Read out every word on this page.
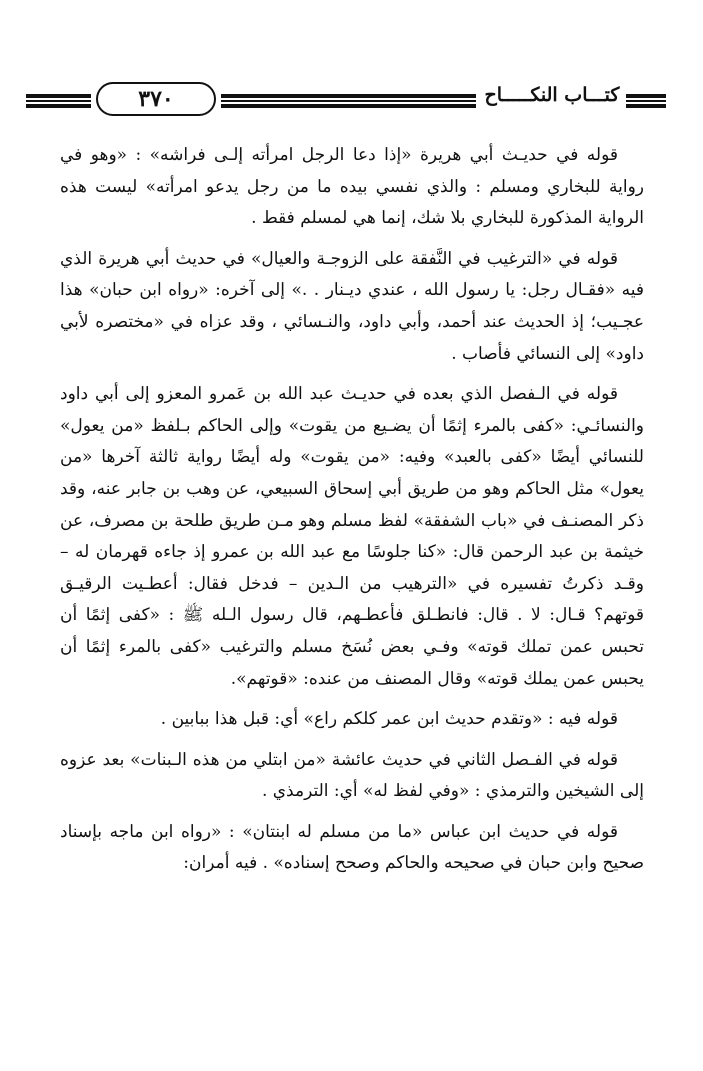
٣٧٠	كتـــاب النكـــــاح

قوله في حديـث أبي هريرة «إذا دعا الرجل امرأته إلـى فراشه» : «وهو في رواية للبخاري ومسلم : والذي نفسي بيده ما من رجل يدعو امرأته» ليست هذه الرواية المذكورة للبخاري بلا شك، إنما هي لمسلم فقط .

قوله في «الترغيب في النَّفقة على الزوجـة والعيال» في حديث أبي هريرة الذي فيه «فقـال رجل: يا رسول الله ، عندي ديـنار . .» إلى آخره: «رواه ابن حبان» هذا عجـيب؛ إذ الحديث عند أحمد، وأبي داود، والنـسائي ، وقد عزاه في «مختصره لأبي داود» إلى النسائي فأصاب .

قوله في الـفصل الذي بعده في حديـث عبد الله بن عَمرو المعزو إلى أبي داود والنسائـي: «كفى بالمرء إثمًا أن يضـيع من يقوت» وإلى الحاكم بـلفظ «من يعول» للنسائي أيضًا «كفى بالعبد» وفيه: «من يقوت» وله أيضًا رواية ثالثة آخرها «من يعول» مثل الحاكم وهو من طريق أبي إسحاق السبيعي، عن وهب بن جابر عنه، وقد ذكر المصنـف في «باب الشفقة» لفظ مسلم وهو مـن طريق طلحة بن مصرف، عن خيثمة بن عبد الرحمن قال: «كنا جلوسًا مع عبد الله بن عمرو إذ جاءه قهرمان له – وقـد ذكرتُ تفسيره في «الترهيب من الـدين – فدخل فقال: أعطـيت الرقيـق قوتهم؟ قـال: لا . قال: فانطـلق فأعطـهم، قال رسول الـله ﷺ : «كفى إثمًا أن تحبس عمن تملك قوته» وفـي بعض نُسَخ مسلم والترغيب «كفى بالمرء إثمًا أن يحبس عمن يملك قوته» وقال المصنف من عنده: «قوتهم».

قوله فيه : «وتقدم حديث ابن عمر كلكم راع» أي: قبل هذا ببابين .

قوله في الفـصل الثاني في حديث عائشة «من ابتلي من هذه الـبنات» بعد عزوه إلى الشيخين والترمذي : «وفي لفظ له» أي: الترمذي .

قوله في حديث ابن عباس «ما من مسلم له ابنتان» : «رواه ابن ماجه بإسناد صحيح وابن حبان في صحيحه والحاكم وصحح إسناده» . فيه أمران:
